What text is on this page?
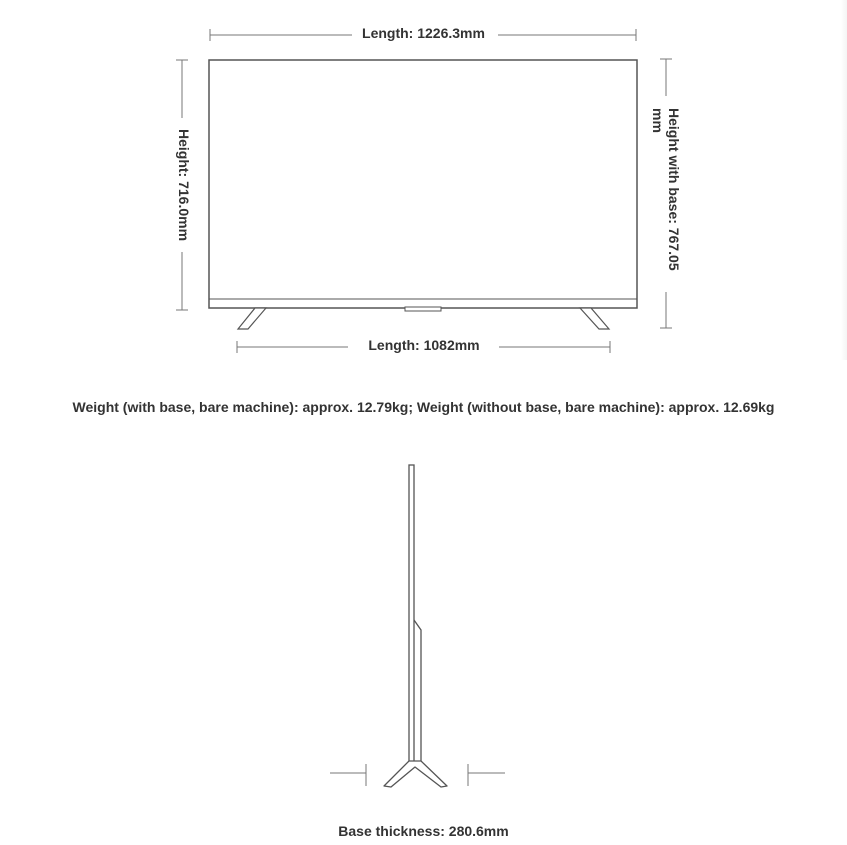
Length: 1226.3mm
Height: 716.0mm	Height with base: 767.05 mm
Length: 1082mm
Weight (with base, bare machine): approx. 12.79kg; Weight (without base, bare machine): approx. 12.69kg
Base thickness: 280.6mm
